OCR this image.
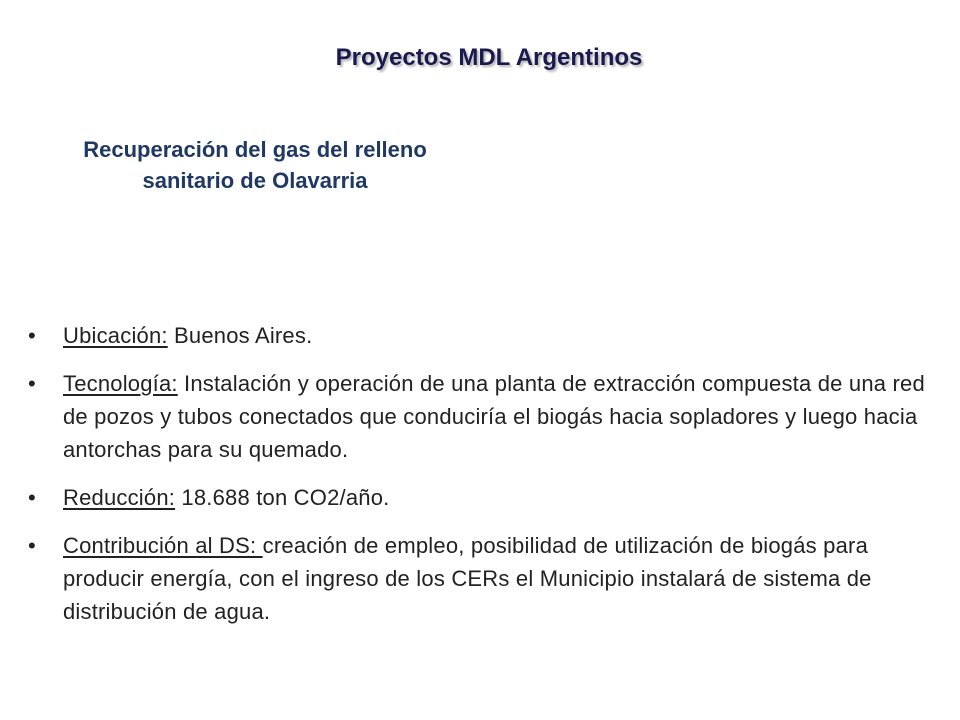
Proyectos MDL Argentinos
Recuperación del gas del relleno sanitario de Olavarria
• Ubicación: Buenos Aires.
• Tecnología: Instalación y operación de una planta de extracción compuesta de una red de pozos y tubos conectados que conduciría el biogás hacia sopladores y luego hacia antorchas para su quemado.
• Reducción: 18.688 ton CO2/año.
• Contribución al DS: creación de empleo, posibilidad de utilización de biogás para producir energía, con el ingreso de los CERs el Municipio instalará de sistema de distribución de agua.
